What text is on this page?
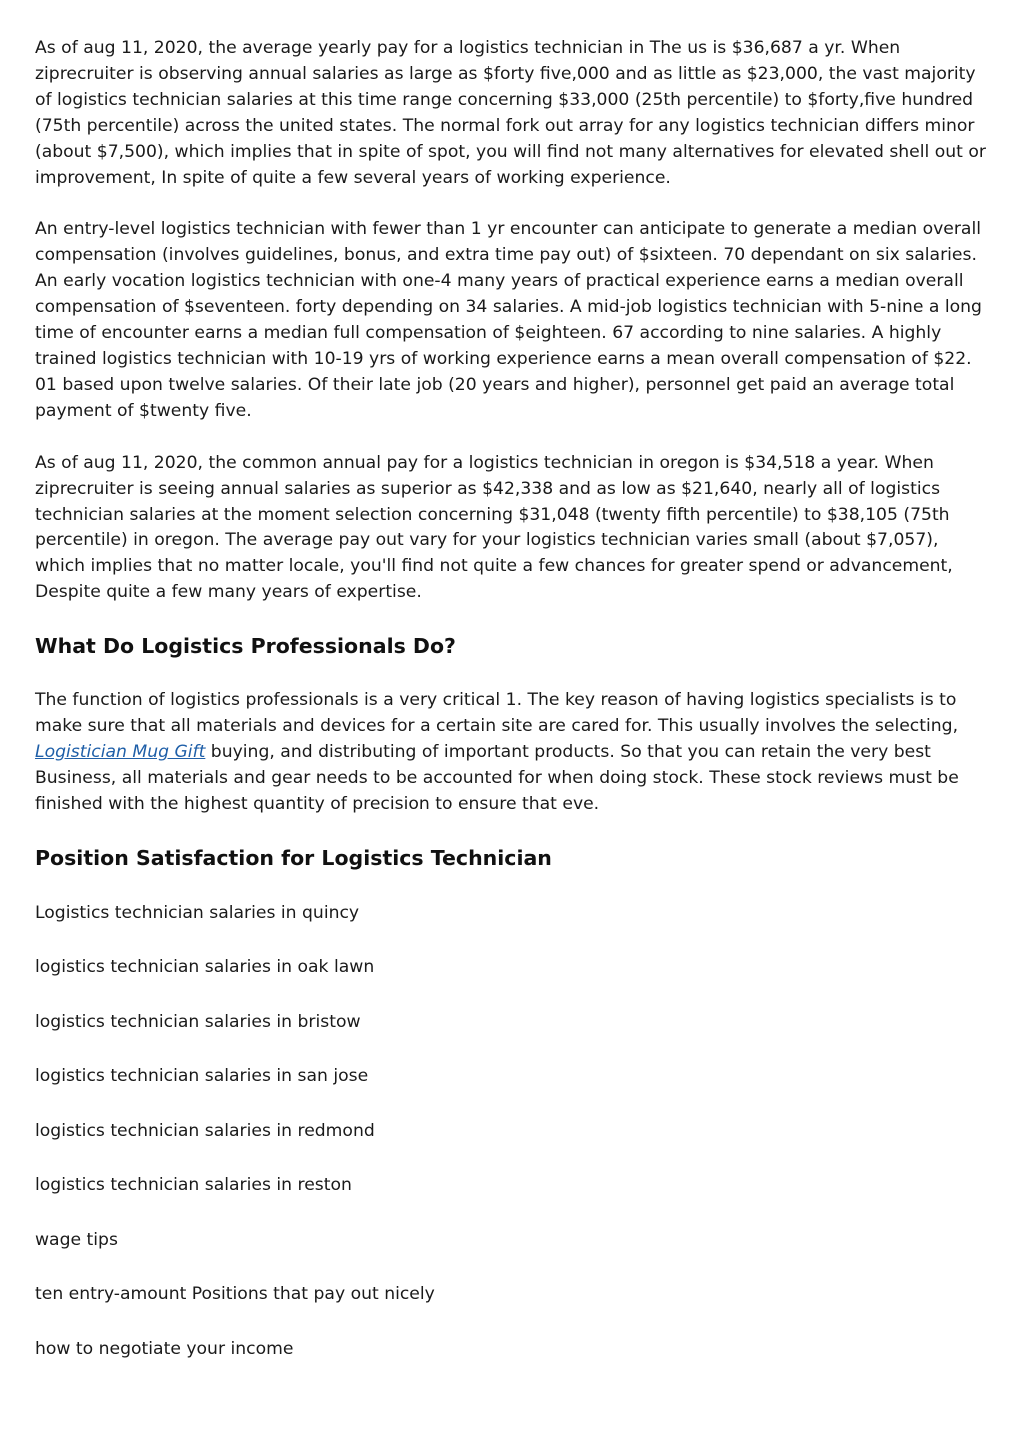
As of aug 11, 2020, the average yearly pay for a logistics technician in The us is $36,687 a yr. When ziprecruiter is observing annual salaries as large as $forty five,000 and as little as $23,000, the vast majority of logistics technician salaries at this time range concerning $33,000 (25th percentile) to $forty,five hundred (75th percentile) across the united states. The normal fork out array for any logistics technician differs minor (about $7,500), which implies that in spite of spot, you will find not many alternatives for elevated shell out or improvement, In spite of quite a few several years of working experience.

An entry-level logistics technician with fewer than 1 yr encounter can anticipate to generate a median overall compensation (involves guidelines, bonus, and extra time pay out) of $sixteen. 70 dependant on six salaries. An early vocation logistics technician with one-4 many years of practical experience earns a median overall compensation of $seventeen. forty depending on 34 salaries. A mid-job logistics technician with 5-nine a long time of encounter earns a median full compensation of $eighteen. 67 according to nine salaries. A highly trained logistics technician with 10-19 yrs of working experience earns a mean overall compensation of $22. 01 based upon twelve salaries. Of their late job (20 years and higher), personnel get paid an average total payment of $twenty five.

As of aug 11, 2020, the common annual pay for a logistics technician in oregon is $34,518 a year. When ziprecruiter is seeing annual salaries as superior as $42,338 and as low as $21,640, nearly all of logistics technician salaries at the moment selection concerning $31,048 (twenty fifth percentile) to $38,105 (75th percentile) in oregon. The average pay out vary for your logistics technician varies small (about $7,057), which implies that no matter locale, you'll find not quite a few chances for greater spend or advancement, Despite quite a few many years of expertise.

What Do Logistics Professionals Do?

The function of logistics professionals is a very critical 1. The key reason of having logistics specialists is to make sure that all materials and devices for a certain site are cared for. This usually involves the selecting, Logistician Mug Gift buying, and distributing of important products. So that you can retain the very best Business, all materials and gear needs to be accounted for when doing stock. These stock reviews must be finished with the highest quantity of precision to ensure that eve.

Position Satisfaction for Logistics Technician

Logistics technician salaries in quincy

logistics technician salaries in oak lawn

logistics technician salaries in bristow

logistics technician salaries in san jose

logistics technician salaries in redmond

logistics technician salaries in reston

wage tips

ten entry-amount Positions that pay out nicely

how to negotiate your income
